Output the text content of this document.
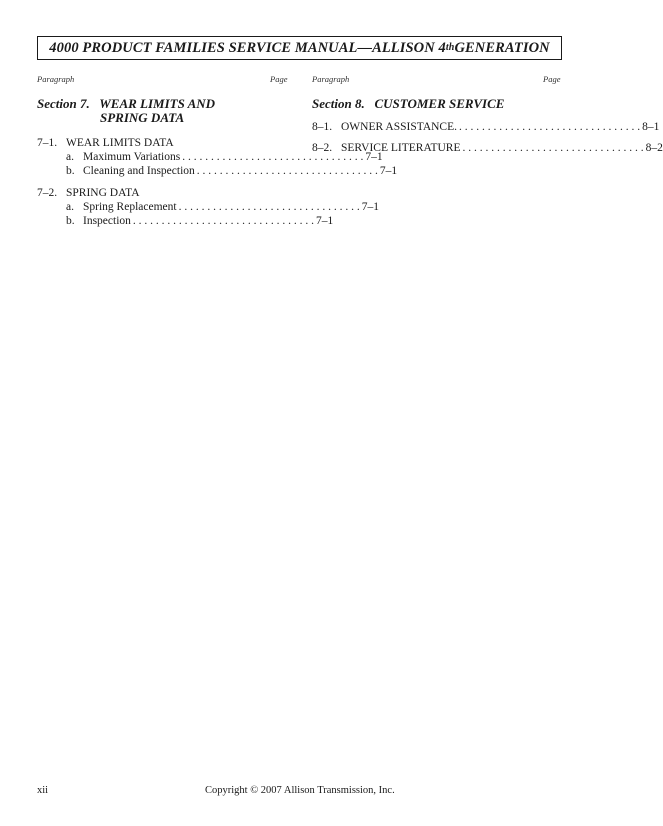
4000 PRODUCT FAMILIES SERVICE MANUAL—ALLISON 4th GENERATION
Paragraph	Page	Paragraph	Page
Section 7.   WEAR LIMITS AND
SPRING DATA
7–1. WEAR LIMITS DATA
a. Maximum Variations . . . . . . . . . . . . . . . . . . . . . . . . . . . . . . . . 7–1
b. Cleaning and Inspection . . . . . . . . . . . . . . . . . . . . . . . . . . . . . . . . 7–1
7–2. SPRING DATA
a. Spring Replacement . . . . . . . . . . . . . . . . . . . . . . . . . . . . . . . . 7–1
b. Inspection . . . . . . . . . . . . . . . . . . . . . . . . . . . . . . . . 7–1
Section 8.   CUSTOMER SERVICE
8–1. OWNER ASSISTANCE. . . . . . . . . . . . . . . . . . . . . . . . . . . . . . . . . 8–1
8–2. SERVICE LITERATURE . . . . . . . . . . . . . . . . . . . . . . . . . . . . . . . . 8–2
xii	Copyright © 2007 Allison Transmission, Inc.
